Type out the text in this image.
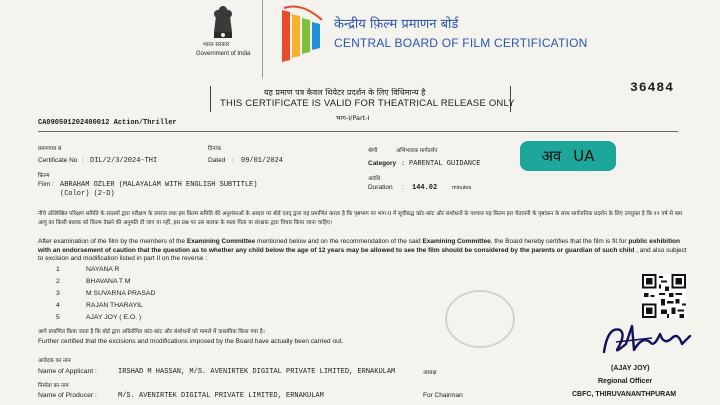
भारत सरकार
Government of India
केन्द्रीय फ़िल्म प्रमाणन बोर्ड
CENTRAL BOARD OF FILM CERTIFICATION
36484
यह प्रमाण पत्र केवल थियेटर प्रदर्शन के लिए विधिमान्य है
THIS CERTIFICATE IS VALID FOR THEATRICAL RELEASE ONLY
भाग-I/Part-I
CA090501202400012 Action/Thriller
प्रमाणपत्र सं
Certificate No : DIL/2/3/2024-THI
दिनांक
Dated : 09/01/2024
फ़िल्म
Film : ABRAHAM OZLER (MALAYALAM WITH ENGLISH SUBTITLE)
(Color) (2-D)
श्रेणी	अभिभावक मार्गदर्शन
Category : PARENTAL GUIDANCE
अवधि
Duration : 144.02	minutes
अव UA
नीचे उल्लिखित परिक्षण समिति के सदस्यों द्वारा परीक्षण के उपरांत तथा इस फ़िल्म समिति की अनुशंसाओं के आधार पर बोर्ड एतद् द्वारा यह प्रमाणित करता है कि पृष्ठभाग पर भाग-II में सूचीबद्ध कॉट-छांट और संशोधनों के पश्चात यह फ़िल्म इस चेतावनी के पृष्ठांकन के साथ सार्वजनिक प्रदर्शन के लिए उपयुक्त है कि १२ वर्ष से कम आयु का किसी बालक को फ़िल्म देखने की अनुमति दी जाए या नहीं, इस प्रश्न पर उस बालक के माता पिता या संरक्षक द्वारा विचार किया जाना चाहिए।
After examination of the film by the members of the Examining Committee mentioned below and on the recommendation of the said Examining Committee, the Board hereby certifies that the film is fit for public exhibition with an endorsement of caution that the question as to whether any child below the age of 12 years may be allowed to see the film should be considered by the parents or guardian of such child , and also subject to excision and modification listed in part II on the reverse :
1	NAYANA R
2	BHAVANA T M
3	M SUVARNA PRASAD
4	RAJAN THARAYIL
5	AJAY JOY ( E.O. )
आगे प्रमाणित किया जाता है कि बोर्ड द्वारा अधिरोपित कांट-छांट और संशोधनों को मामले में वास्तविक किया गया है।
Further certified that the excisions and modifications imposed by the Board have actually been carried out.
(AJAY JOY)
Regional Officer
CBFC, THIRUVANANTHPURAM
आवेदक का नाम
Name of Applicant :	IRSHAD M HASSAN, M/S. AVENIRTEK DIGITAL PRIVATE LIMITED, ERNAKULAM	अध्यक्ष
निर्माता का नाम
Name of Producer :	M/S. AVENIRTEK DIGITAL PRIVATE LIMITED, ERNAKULAM	For Chairman
